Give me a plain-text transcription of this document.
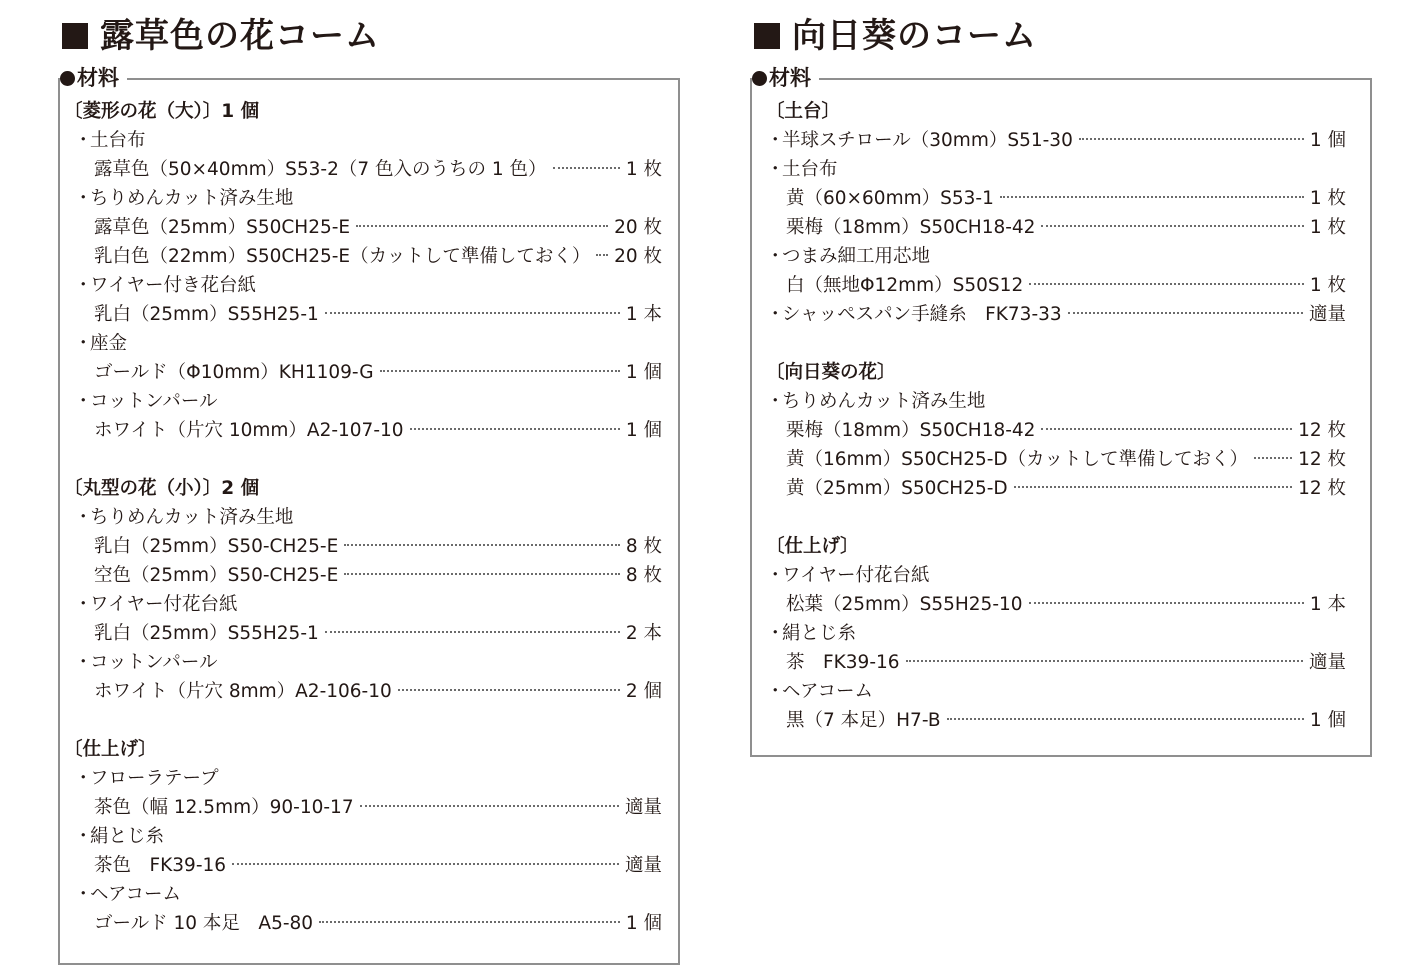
露草色の花コーム
材料
〔菱形の花（大）〕1 個
・土台布
露草色（50×40mm）S53-2（7 色入のうちの 1 色）	1 枚
・ちりめんカット済み生地
露草色（25mm）S50CH25-E	20 枚
乳白色（22mm）S50CH25-E（カットして準備しておく） 20 枚
・ワイヤー付き花台紙
乳白（25mm）S55H25-1	1 本
・座金
ゴールド（Φ10mm）KH1109-G	1 個
・コットンパール
ホワイト（片穴 10mm）A2-107-10	1 個
〔丸型の花（小）〕2 個
・ちりめんカット済み生地
乳白（25mm）S50-CH25-E	8 枚
空色（25mm）S50-CH25-E	8 枚
・ワイヤー付花台紙
乳白（25mm）S55H25-1	2 本
・コットンパール
ホワイト（片穴 8mm）A2-106-10	2 個
〔仕上げ〕
・フローラテープ
茶色（幅 12.5mm）90-10-17	適量
・絹とじ糸
茶色　FK39-16	適量
・ヘアコーム
ゴールド 10 本足　A5-80	1 個
向日葵のコーム
材料
〔土台〕
・
半球スチロール（30mm）S51-30	1 個
・土台布
黄（60×60mm）S53-1	1 枚
栗梅（18mm）S50CH18-42	1 枚
・つまみ細工用芯地
白（無地Φ12mm）S50S12	1 枚
・
シャッペスパン手縫糸　FK73-33	適量
〔向日葵の花〕
・ちりめんカット済み生地
栗梅（18mm）S50CH18-42	12 枚
黄（16mm）S50CH25-D（カットして準備しておく）	12 枚
黄（25mm）S50CH25-D	12 枚
〔仕上げ〕
・ワイヤー付花台紙
松葉（25mm）S55H25-10	1 本
・絹とじ糸
茶　FK39-16	適量
・ヘアコーム
黒（7 本足）H7-B	1 個
